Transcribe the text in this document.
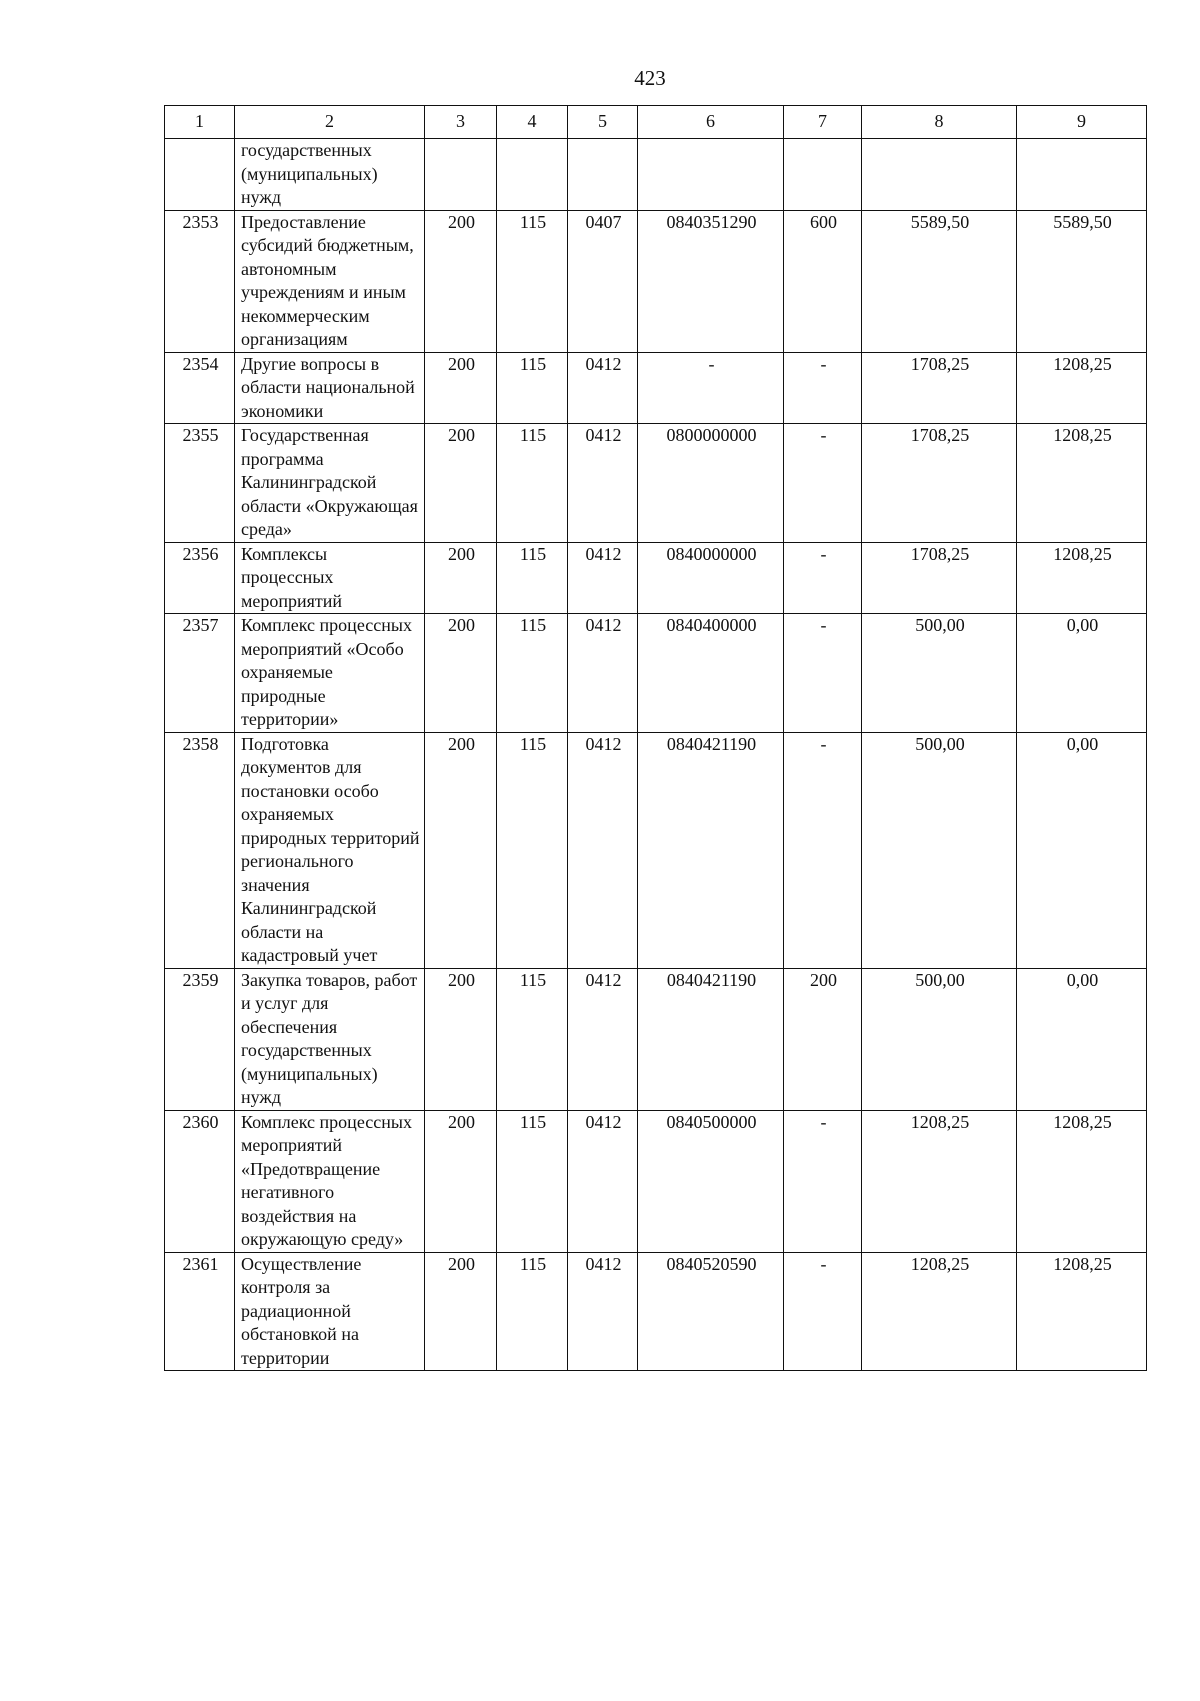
423
1	2	3	4	5	6	7	8	9
	государственных (муниципальных) нужд							
2353	Предоставление субсидий бюджетным, автономным учреждениям и иным некоммерческим организациям	200	115	0407	0840351290	600	5589,50	5589,50
2354	Другие вопросы в области национальной экономики	200	115	0412	-	-	1708,25	1208,25
2355	Государственная программа Калининградской области «Окружающая среда»	200	115	0412	0800000000	-	1708,25	1208,25
2356	Комплексы процессных мероприятий	200	115	0412	0840000000	-	1708,25	1208,25
2357	Комплекс процессных мероприятий «Особо охраняемые природные территории»	200	115	0412	0840400000	-	500,00	0,00
2358	Подготовка документов для постановки особо охраняемых природных территорий регионального значения Калининградской области на кадастровый учет	200	115	0412	0840421190	-	500,00	0,00
2359	Закупка товаров, работ и услуг для обеспечения государственных (муниципальных) нужд	200	115	0412	0840421190	200	500,00	0,00
2360	Комплекс процессных мероприятий «Предотвращение негативного воздействия на окружающую среду»	200	115	0412	0840500000	-	1208,25	1208,25
2361	Осуществление контроля за радиационной обстановкой на территории	200	115	0412	0840520590	-	1208,25	1208,25
